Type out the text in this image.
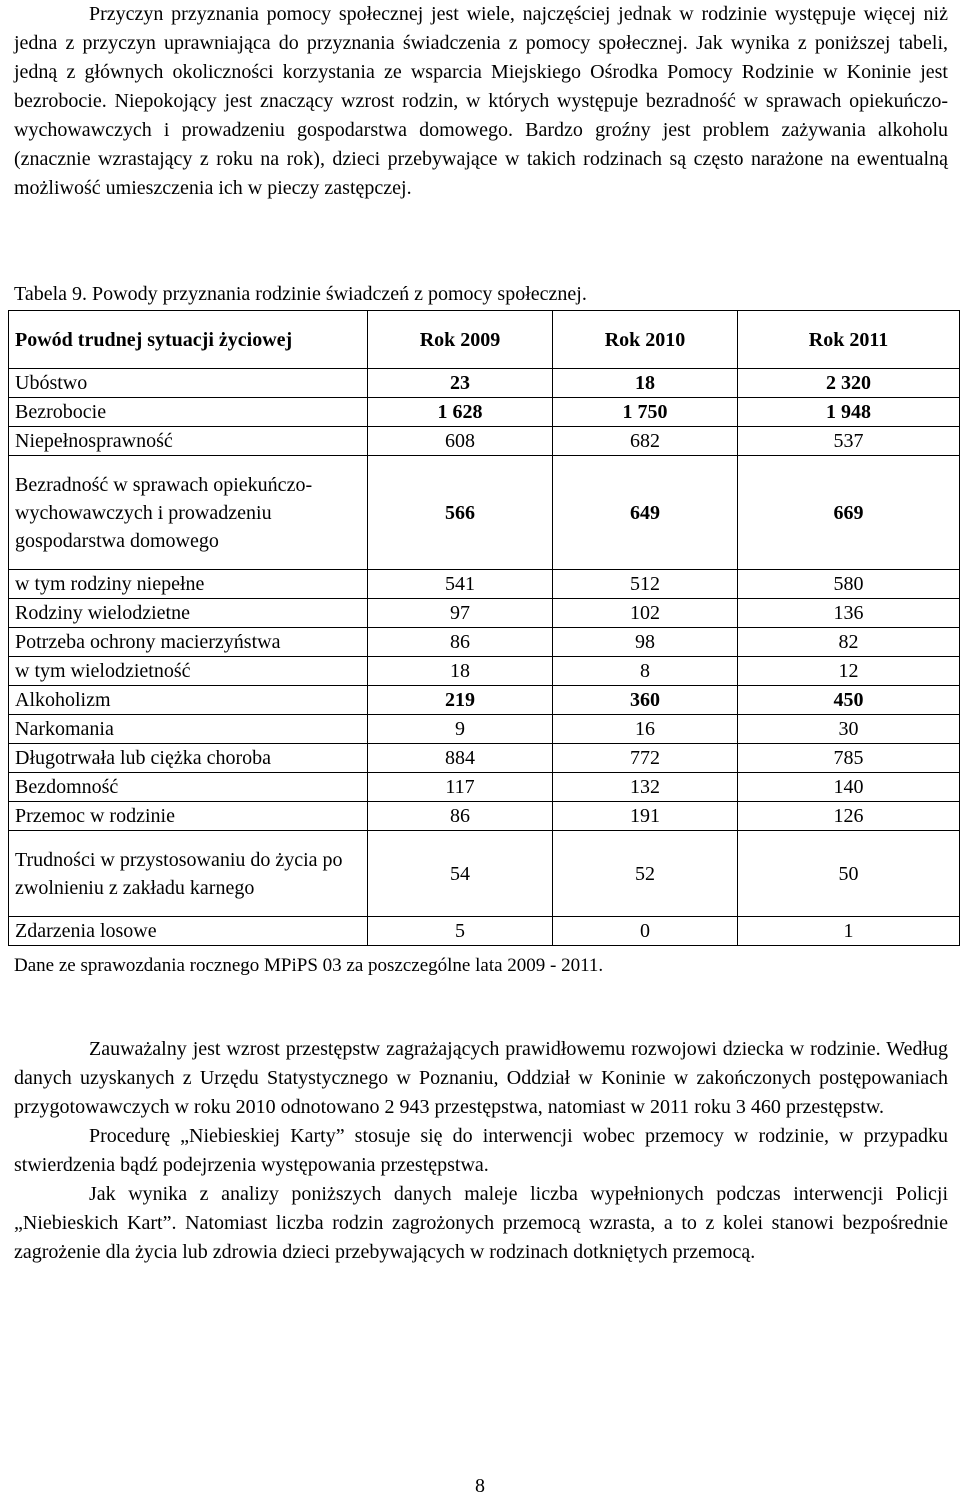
Przyczyn przyznania pomocy społecznej jest wiele, najczęściej jednak w rodzinie występuje więcej niż jedna z przyczyn uprawniająca do przyznania świadczenia z pomocy społecznej. Jak wynika z poniższej tabeli, jedną z głównych okoliczności korzystania ze wsparcia Miejskiego Ośrodka Pomocy Rodzinie w Koninie jest bezrobocie. Niepokojący jest znaczący wzrost rodzin, w których występuje bezradność w sprawach opiekuńczo-wychowawczych i prowadzeniu gospodarstwa domowego. Bardzo groźny jest problem zażywania alkoholu (znacznie wzrastający z roku na rok), dzieci przebywające w takich rodzinach są często narażone na ewentualną możliwość umieszczenia ich w pieczy zastępczej.

Tabela 9. Powody przyznania rodzinie świadczeń z pomocy społecznej.

Powód trudnej sytuacji życiowej	Rok 2009	Rok 2010	Rok 2011
Ubóstwo	23	18	2 320
Bezrobocie	1 628	1 750	1 948
Niepełnosprawność	608	682	537
Bezradność w sprawach opiekuńczo-wychowawczych i prowadzeniu gospodarstwa domowego	566	649	669
w tym rodziny niepełne	541	512	580
Rodziny wielodzietne	97	102	136
Potrzeba ochrony macierzyństwa	86	98	82
w tym wielodzietność	18	8	12
Alkoholizm	219	360	450
Narkomania	9	16	30
Długotrwała lub ciężka choroba	884	772	785
Bezdomność	117	132	140
Przemoc w rodzinie	86	191	126
Trudności w przystosowaniu do życia po zwolnieniu z zakładu karnego	54	52	50
Zdarzenia losowe	5	0	1

Dane ze sprawozdania rocznego MPiPS 03 za poszczególne lata 2009 - 2011.

Zauważalny jest wzrost przestępstw zagrażających prawidłowemu rozwojowi dziecka w rodzinie. Według danych uzyskanych z Urzędu Statystycznego w Poznaniu, Oddział w Koninie w zakończonych postępowaniach przygotowawczych w roku 2010 odnotowano 2 943 przestępstwa, natomiast w 2011 roku 3 460 przestępstw.

Procedurę „Niebieskiej Karty” stosuje się do interwencji wobec przemocy w rodzinie, w przypadku stwierdzenia bądź podejrzenia występowania przestępstwa.

Jak wynika z analizy poniższych danych maleje liczba wypełnionych podczas interwencji Policji „Niebieskich Kart”. Natomiast liczba rodzin zagrożonych przemocą wzrasta, a to z kolei stanowi bezpośrednie zagrożenie dla życia lub zdrowia dzieci przebywających w rodzinach dotkniętych przemocą.

8
